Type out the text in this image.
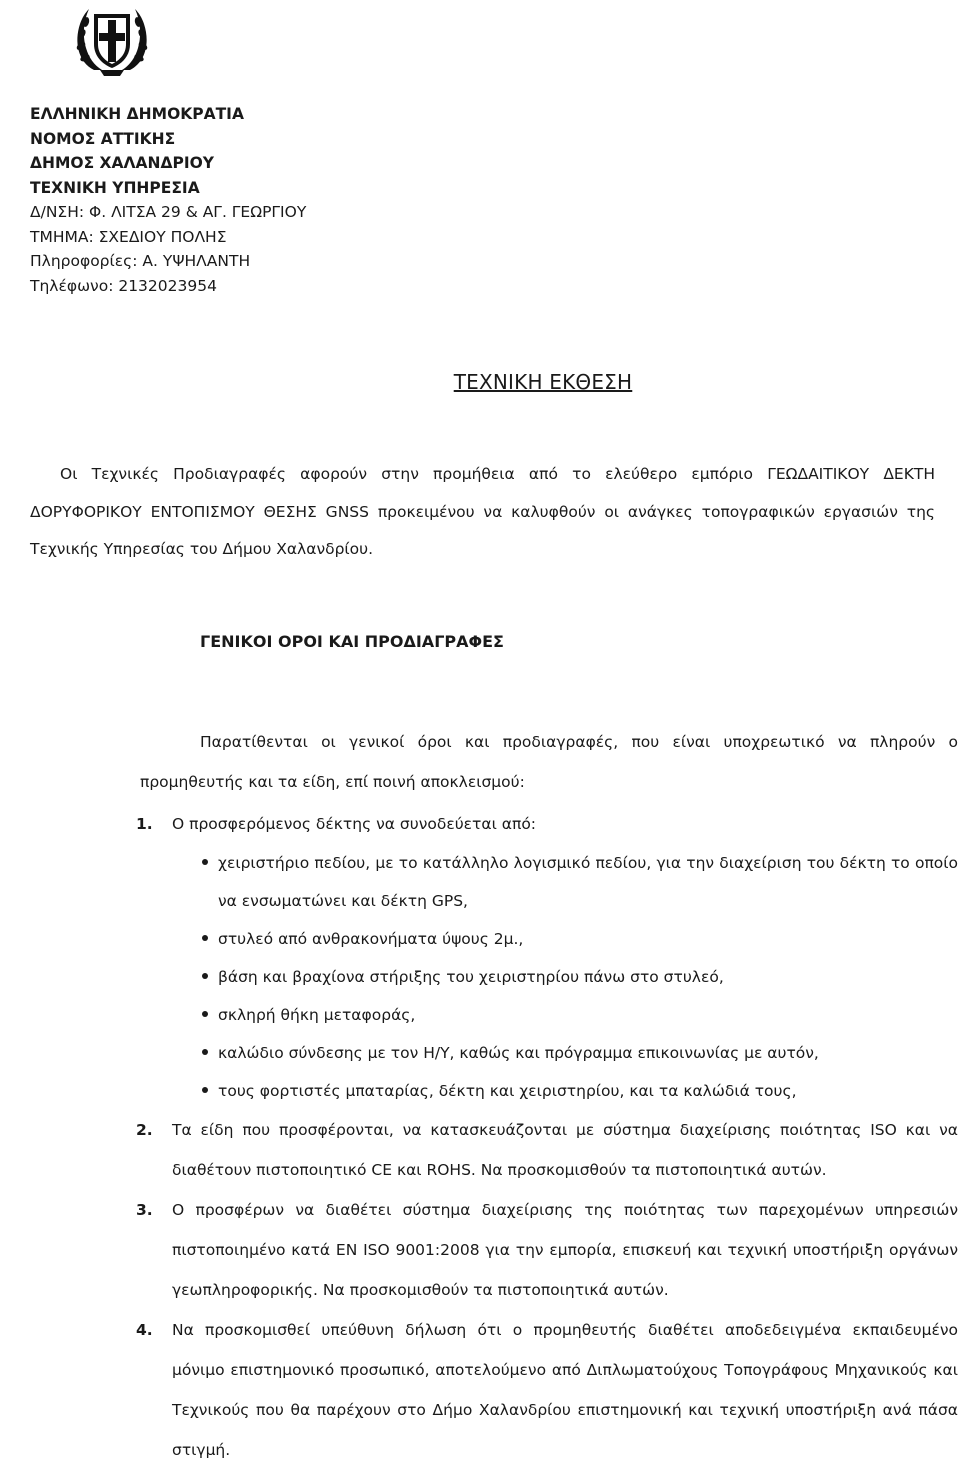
ΕΛΛΗΝΙΚΗ ΔΗΜΟΚΡΑΤΙΑ
ΝΟΜΟΣ ΑΤΤΙΚΗΣ
ΔΗΜΟΣ ΧΑΛΑΝΔΡΙΟΥ
ΤΕΧΝΙΚΗ ΥΠΗΡΕΣΙΑ
Δ/ΝΣΗ: Φ. ΛΙΤΣΑ 29 & ΑΓ. ΓΕΩΡΓΙΟΥ
ΤΜΗΜΑ: ΣΧΕΔΙΟΥ ΠΟΛΗΣ
Πληροφορίες: Α. ΥΨΗΛΑΝΤΗ
Τηλέφωνο: 2132023954
ΤΕΧΝΙΚΗ ΕΚΘΕΣΗ
Οι Τεχνικές Προδιαγραφές αφορούν στην προμήθεια από το ελεύθερο εμπόριο ΓΕΩΔΑΙΤΙΚΟΥ ΔΕΚΤΗ ΔΟΡΥΦΟΡΙΚΟΥ ΕΝΤΟΠΙΣΜΟΥ ΘΕΣΗΣ GNSS προκειμένου να καλυφθούν οι ανάγκες τοπογραφικών εργασιών της Τεχνικής Υπηρεσίας του Δήμου Χαλανδρίου.
ΓΕΝΙΚΟΙ ΟΡΟΙ ΚΑΙ ΠΡΟΔΙΑΓΡΑΦΕΣ
Παρατίθενται οι γενικοί όροι και προδιαγραφές, που είναι υποχρεωτικό να πληρούν ο προμηθευτής και τα είδη, επί ποινή αποκλεισμού:
1. Ο προσφερόμενος δέκτης να συνοδεύεται από:
χειριστήριο πεδίου, με το κατάλληλο λογισμικό πεδίου, για την διαχείριση του δέκτη το οποίο να ενσωματώνει και δέκτη GPS,
στυλεό από ανθρακονήματα ύψους 2μ.,
βάση και βραχίονα στήριξης του χειριστηρίου πάνω στο στυλεό,
σκληρή θήκη μεταφοράς,
καλώδιο σύνδεσης με τον Η/Υ, καθώς και πρόγραμμα επικοινωνίας με αυτόν,
τους φορτιστές μπαταρίας, δέκτη και χειριστηρίου, και τα καλώδιά τους,
2. Τα είδη που προσφέρονται, να κατασκευάζονται με σύστημα διαχείρισης ποιότητας ISO και να διαθέτουν πιστοποιητικό CE και ROHS. Να προσκομισθούν τα πιστοποιητικά αυτών.
3. Ο προσφέρων να διαθέτει σύστημα διαχείρισης της ποιότητας των παρεχομένων υπηρεσιών πιστοποιημένο κατά ΕΝ ISO 9001:2008 για την εμπορία, επισκευή και τεχνική υποστήριξη οργάνων γεωπληροφορικής. Να προσκομισθούν τα πιστοποιητικά αυτών.
4. Να προσκομισθεί υπεύθυνη δήλωση ότι ο προμηθευτής διαθέτει αποδεδειγμένα εκπαιδευμένο μόνιμο επιστημονικό προσωπικό, αποτελούμενο από Διπλωματούχους Τοπογράφους Μηχανικούς και Τεχνικούς που θα παρέχουν στο Δήμο Χαλανδρίου επιστημονική και τεχνική υποστήριξη ανά πάσα στιγμή.
